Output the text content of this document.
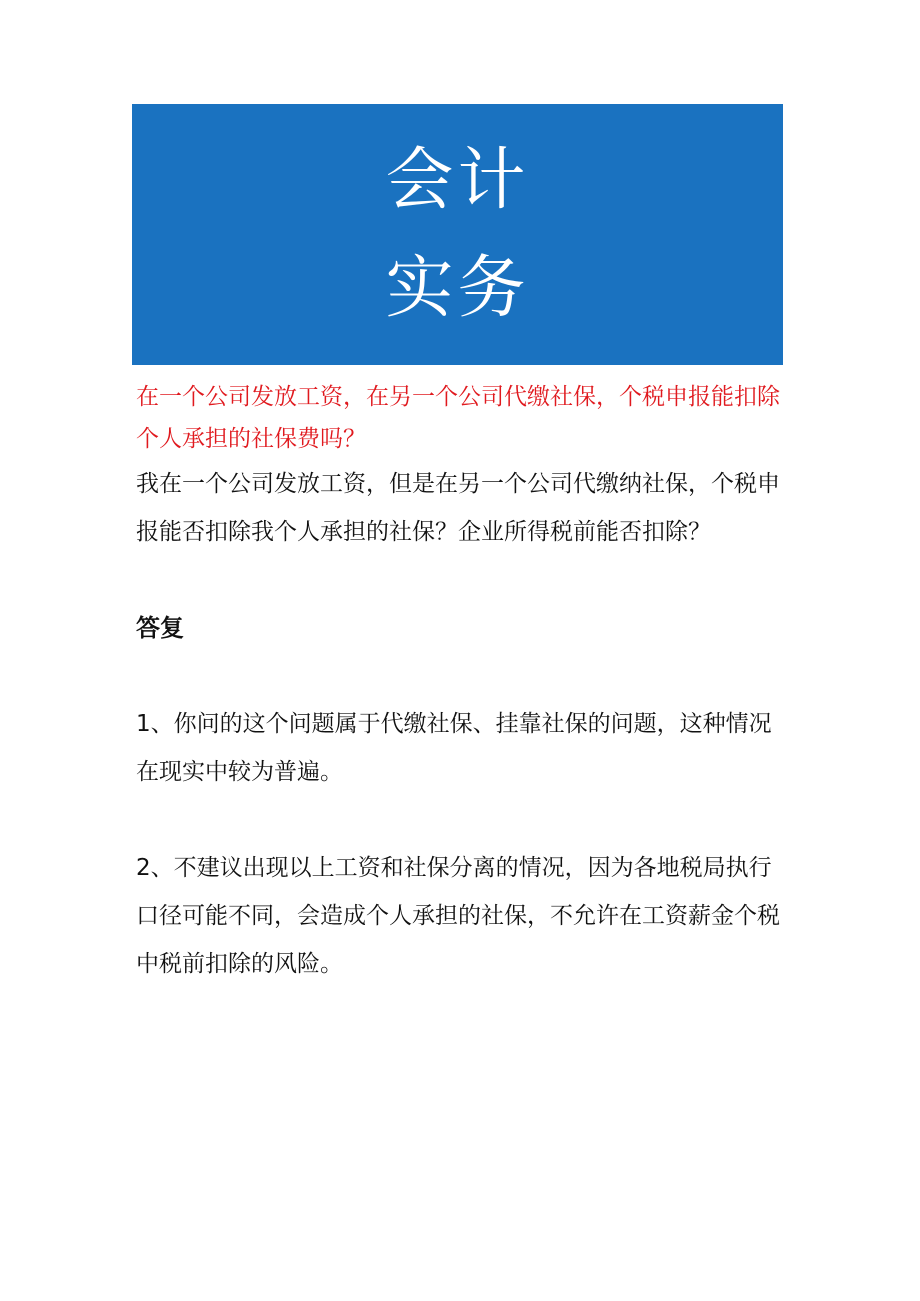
会计
实务

在一个公司发放工资，在另一个公司代缴社保，个税申报能扣除个人承担的社保费吗？

我在一个公司发放工资，但是在另一个公司代缴纳社保，个税申报能否扣除我个人承担的社保？企业所得税前能否扣除？

答复

1、你问的这个问题属于代缴社保、挂靠社保的问题，这种情况在现实中较为普遍。

2、不建议出现以上工资和社保分离的情况，因为各地税局执行口径可能不同，会造成个人承担的社保，不允许在工资薪金个税中税前扣除的风险。
